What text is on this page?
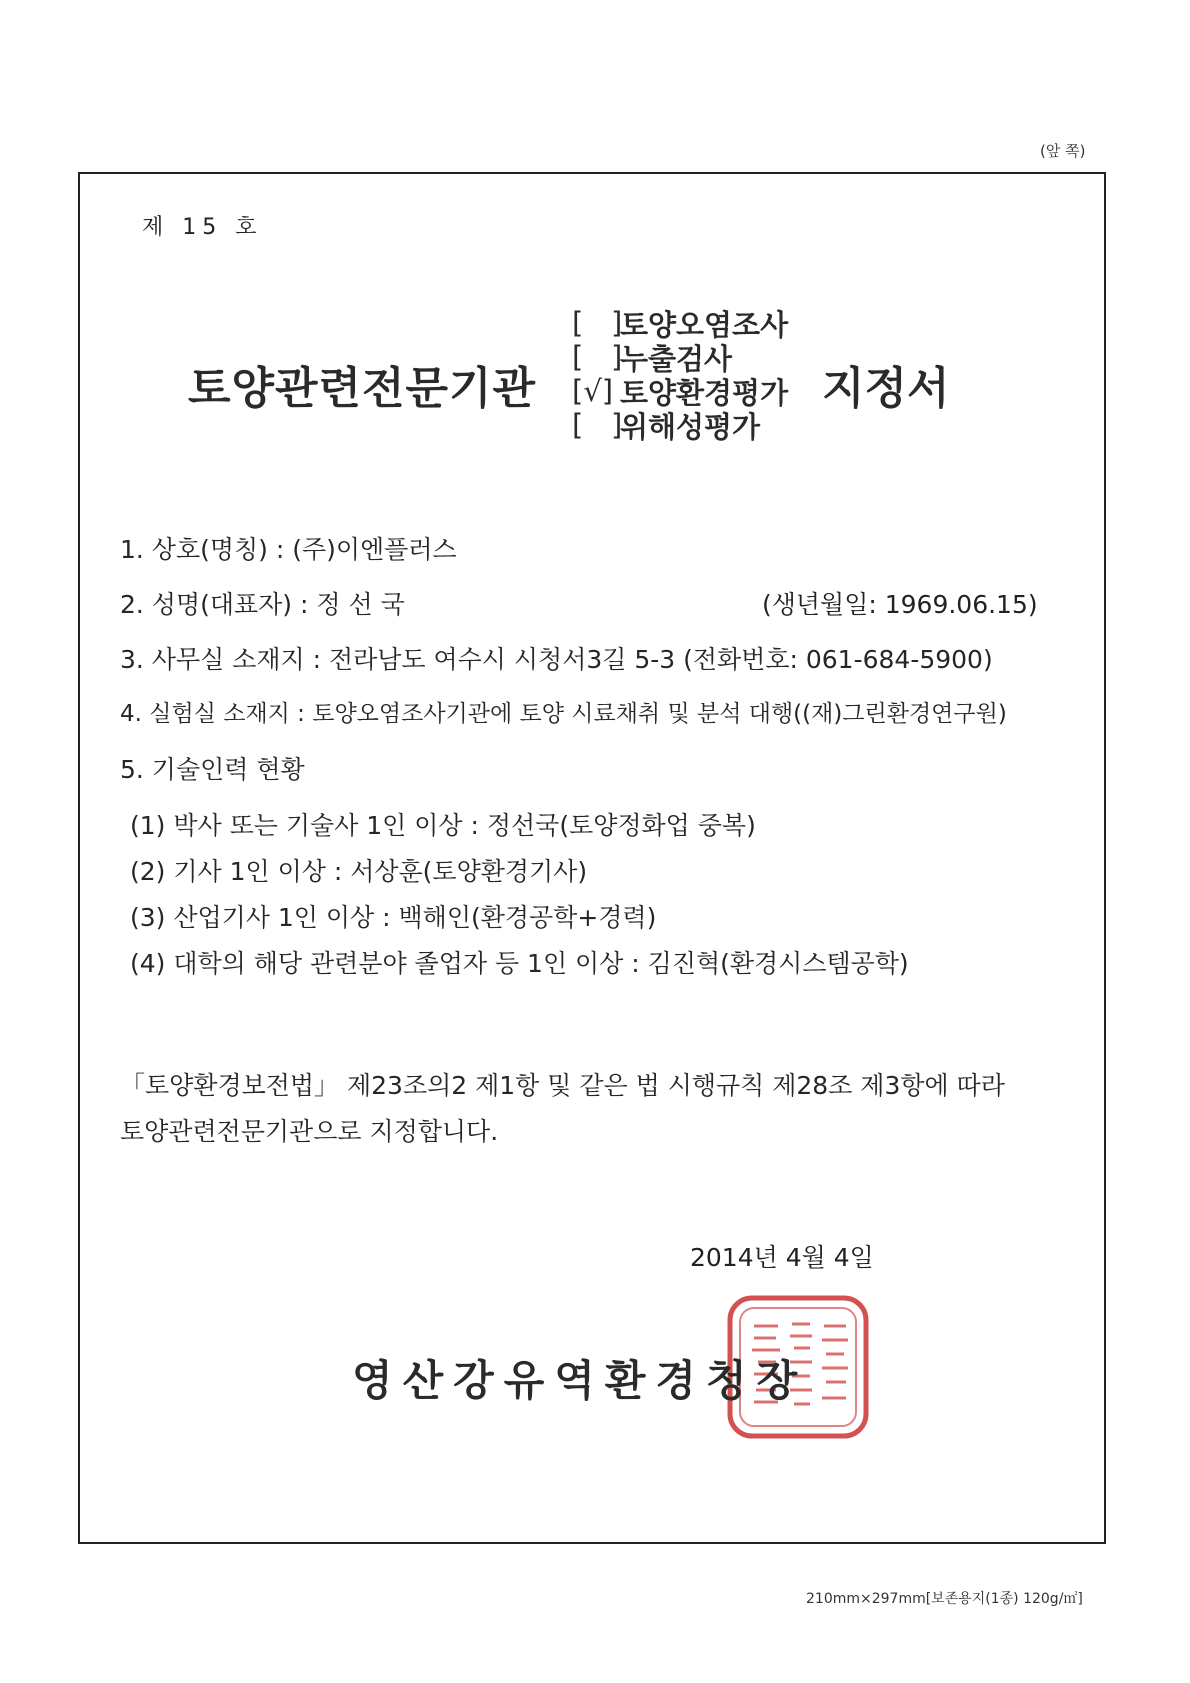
(앞 쪽)
제 15 호
토양관련전문기관
[   ]
토양오염조사
[   ]
누출검사
[√] 토양환경평가
[   ]
위해성평가
지정서
1. 상호(명칭) : (주)이엔플러스
2. 성명(대표자) : 정 선 국	(생년월일: 1969.06.15)
3. 사무실 소재지 : 전라남도 여수시 시청서3길 5-3 (전화번호: 061-684-5900)
4. 실험실 소재지 : 토양오염조사기관에 토양 시료채취 및 분석 대행((재)그린환경연구원)
5. 기술인력 현황
(1) 박사 또는 기술사 1인 이상 : 정선국(토양정화업 중복)
(2) 기사 1인 이상 : 서상훈(토양환경기사)
(3) 산업기사 1인 이상 : 백해인(환경공학+경력)
(4) 대학의 해당 관련분야 졸업자 등 1인 이상 : 김진혁(환경시스템공학)
「토양환경보전법」 제23조의2 제1항 및 같은 법 시행규칙 제28조 제3항에 따라
토양관련전문기관으로 지정합니다.
2014년 4월 4일
영산강유역환경청장
210mm×297mm[보존용지(1종) 120g/㎡]
